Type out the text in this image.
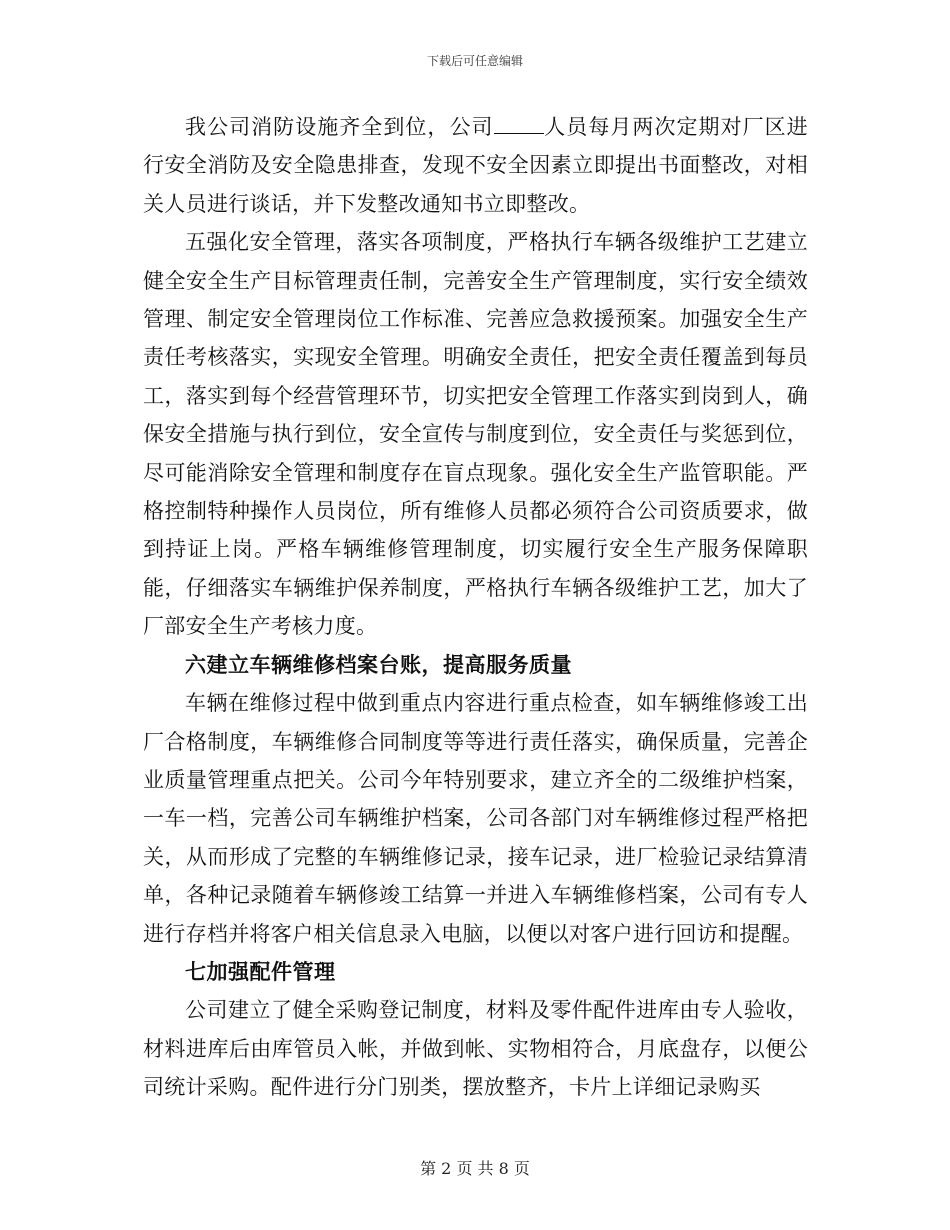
下载后可任意编辑

我公司消防设施齐全到位，公司 人员每月两次定期对厂区进行安全消防及安全隐患排查，发现不安全因素立即提出书面整改，对相关人员进行谈话，并下发整改通知书立即整改。

五强化安全管理，落实各项制度，严格执行车辆各级维护工艺建立健全安全生产目标管理责任制，完善安全生产管理制度，实行安全绩效管理、制定安全管理岗位工作标准、完善应急救援预案。加强安全生产责任考核落实，实现安全管理。明确安全责任，把安全责任覆盖到每员工，落实到每个经营管理环节，切实把安全管理工作落实到岗到人，确保安全措施与执行到位，安全宣传与制度到位，安全责任与奖惩到位，尽可能消除安全管理和制度存在盲点现象。强化安全生产监管职能。严格控制特种操作人员岗位，所有维修人员都必须符合公司资质要求，做到持证上岗。严格车辆维修管理制度，切实履行安全生产服务保障职能，仔细落实车辆维护保养制度，严格执行车辆各级维护工艺，加大了厂部安全生产考核力度。

六建立车辆维修档案台账，提高服务质量

车辆在维修过程中做到重点内容进行重点检查，如车辆维修竣工出厂合格制度，车辆维修合同制度等等进行责任落实，确保质量，完善企业质量管理重点把关。公司今年特别要求，建立齐全的二级维护档案，一车一档，完善公司车辆维护档案，公司各部门对车辆维修过程严格把关，从而形成了完整的车辆维修记录，接车记录，进厂检验记录结算清单，各种记录随着车辆修竣工结算一并进入车辆维修档案，公司有专人进行存档并将客户相关信息录入电脑，以便以对客户进行回访和提醒。

七加强配件管理

公司建立了健全采购登记制度，材料及零件配件进库由专人验收，材料进库后由库管员入帐，并做到帐、实物相符合，月底盘存，以便公司统计采购。配件进行分门别类，摆放整齐，卡片上详细记录购买

第 2 页 共 8 页
